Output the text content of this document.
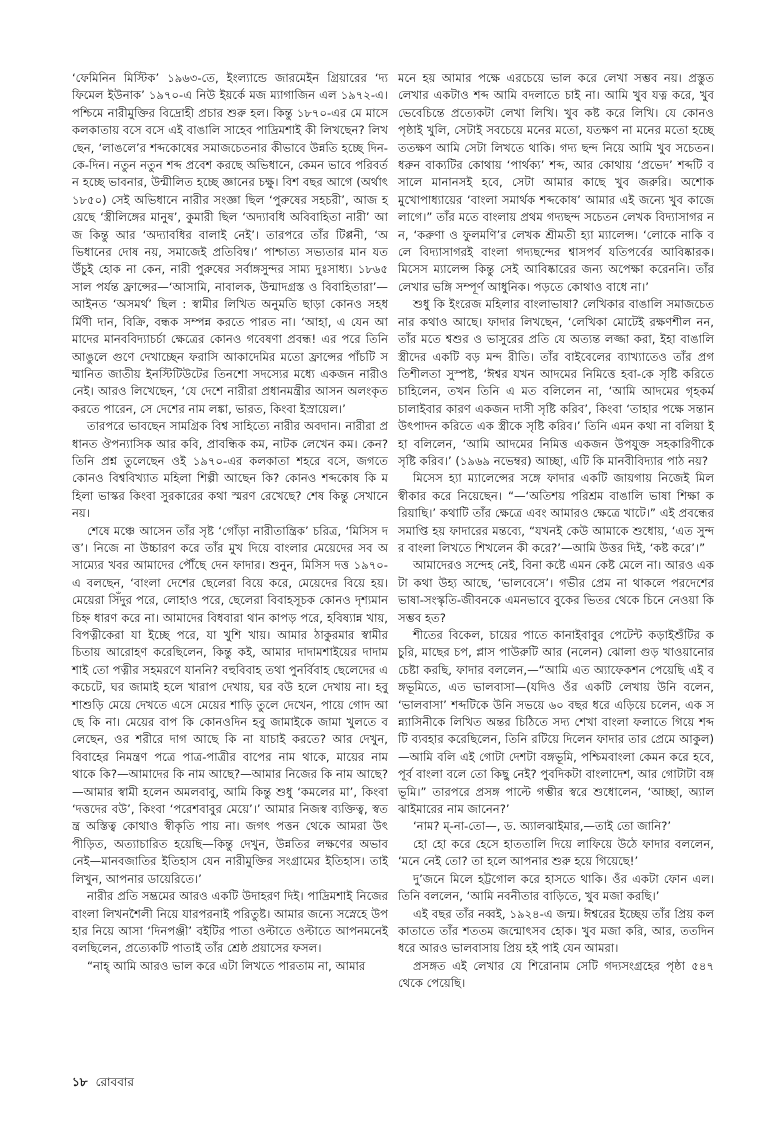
‘ফেমিনিন মিস্টিক’ ১৯৬৩-তে, ইংল্যান্ডে জারমেইন গ্রিয়ারের ‘দ্য ফিমেল ইউনাক’ ১৯৭০-এ নিউ ইয়র্কে মজ ম্যাগাজিন এল ১৯৭২-এ। পশ্চিমে নারীমুক্তির বিদ্রোহী প্রচার শুরু হল। কিন্তু ১৮৭০-এর মে মাসে কলকাতায় বসে বসে এই বাঙালি সাহেব পাদ্রিমশাই কী লিখছেন? লিখছেন, ‘লাঙলে’র শব্দকোষের সমাজচেতনার কীভাবে উন্নতি হচ্ছে দিন-কে-দিন। নতুন নতুন শব্দ প্রবেশ করছে অভিধানে, কেমন ভাবে পরিবর্তন হচ্ছে ভাবনার, উন্মীলিত হচ্ছে জ্ঞানের চক্ষু। বিশ বছর আগে (অর্থাৎ ১৮৫০) সেই অভিধানে নারীর সংজ্ঞা ছিল ‘পুরুষের সহচরী’, আজ হয়েছে ‘স্ত্রীলিঙ্গের মানুষ’, কুমারী ছিল ‘অদ্যাবধি অবিবাহিতা নারী’ আজ কিন্তু আর ‘অদ্যাবধির বালাই নেই’। তারপরে তাঁর টিপ্পনী, ‘অভিধানের দোষ নয়, সমাজেই প্রতিবিম্ব।’ পাশ্চাত্য সভ্যতার মান যত উঁচুই হোক না কেন, নারী পুরুষের সর্বাঙ্গসুন্দর সাম্য দুঃসাধ্য। ১৮৬৫ সাল পর্যন্ত ফ্রান্সের—‘আসামি, নাবালক, উন্মাদগ্রস্ত ও বিবাহিতারা’—আইনত ‘অসমর্থ’ ছিল : স্বামীর লিখিত অনুমতি ছাড়া কোনও সহধর্মিণী দান, বিক্রি, বন্ধক সম্পন্ন করতে পারত না। ‘আহা, এ যেন আমাদের মানববিদ্যাচর্চা ক্ষেত্রের কোনও গবেষণা প্রবন্ধ! এর পরে তিনি আঙুলে গুণে দেখাচ্ছেন ফরাসি আকাদেমির মতো ফ্রান্সের পাঁচটি সম্মানিত জাতীয় ইনস্টিটিউটের তিনশো সদস্যের মধ্যে একজন নারীও নেই। আরও লিখেছেন, ‘যে দেশে নারীরা প্রধানমন্ত্রীর আসন অলংকৃত করতে পারেন, সে দেশের নাম লঙ্কা, ভারত, কিংবা ইস্রায়েল।’

তারপরে ভাবছেন সামগ্রিক বিশ্ব সাহিত্যে নারীর অবদান। নারীরা প্রধানত ঔপন্যাসিক আর কবি, প্রাবন্ধিক কম, নাটক লেখেন কম। কেন? তিনি প্রশ্ন তুলেছেন ওই ১৯৭০-এর কলকাতা শহরে বসে, জগতে কোনও বিশ্ববিখ্যাত মহিলা শিল্পী আছেন কি? কোনও শব্দকোষ কি মহিলা ভাস্কর কিংবা সুরকারের কথা স্মরণ রেখেছে? শেষ কিন্তু সেখানে নয়।

শেষে মঞ্চে আসেন তাঁর সৃষ্ট ‘গোঁড়া নারীতান্ত্রিক’ চরিত্র, ‘মিসিস দত্ত’। নিজে না উচ্চারণ করে তাঁর মুখ দিয়ে বাংলার মেয়েদের সব অসাম্যের খবর আমাদের পৌঁছে দেন ফাদার। শুনুন, মিসিস দত্ত ১৯৭০-এ বলছেন, ‘বাংলা দেশের ছেলেরা বিয়ে করে, মেয়েদের বিয়ে হয়। মেয়েরা সিঁদুর পরে, লোহাও পরে, ছেলেরা বিবাহসূচক কোনও দৃশ্যমান চিহ্ন ধারণ করে না। আমাদের বিধবারা থান কাপড় পরে, হবিষ্যান্ন খায়, বিপত্নীকেরা যা ইচ্ছে পরে, যা খুশি খায়। আমার ঠাকুরমার স্বামীর চিতায় আরোহণ করেছিলেন, কিন্তু কই, আমার দাদামশাইয়ের দাদামশাই তো পত্নীর সহমরণে যাননি? বহুবিবাহ তথা পুনর্বিবাহ ছেলেদের একচেটে, ঘর জামাই হলে খারাপ দেখায়, ঘর বউ হলে দেখায় না। হবু শাশুড়ি মেয়ে দেখতে এসে মেয়ের শাড়ি তুলে দেখেন, পায়ে গোদ আছে কি না। মেয়ের বাপ কি কোনওদিন হবু জামাইকে জামা খুলতে বলেছেন, ওর শরীরে দাগ আছে কি না যাচাই করতে? আর দেখুন, বিবাহের নিমন্ত্রণ পত্রে পাত্র-পাত্রীর বাপের নাম থাকে, মায়ের নাম থাকে কি?—আমাদের কি নাম আছে?—আমার নিজের কি নাম আছে?—আমার স্বামী হলেন অমলবাবু, আমি কিন্তু শুধু ‘কমলের মা’, কিংবা ‘দত্তদের বউ’, কিংবা ‘পরেশবাবুর মেয়ে’।’ আমার নিজস্ব ব্যক্তিত্ব, স্বতন্ত্র অস্তিত্ব কোথাও স্বীকৃতি পায় না। জগৎ পত্তন থেকে আমরা উৎপীড়িত, অত্যাচারিত হয়েছি—কিন্তু দেখুন, উন্নতির লক্ষণের অভাব নেই—মানবজাতির ইতিহাস যেন নারীমুক্তির সংগ্রামের ইতিহাস। তাই লিখুন, আপনার ডায়েরিতে।’

নারীর প্রতি সম্ভ্রমের আরও একটি উদাহরণ দিই। পাদ্রিমশাই নিজের বাংলা লিখনশৈলী নিয়ে যারপরনাই পরিতুষ্ট। আমার জন্যে সস্নেহে উপহার নিয়ে আসা ‘দিনপঞ্জী’ বইটির পাতা ওল্টাতে ওল্টাতে আপনমনেই বলছিলেন, প্রত্যেকটি পাতাই তাঁর শ্রেষ্ঠ প্রয়াসের ফসল।

“নাহ্ আমি আরও ভাল করে এটা লিখতে পারতাম না, আমার

মনে হয় আমার পক্ষে এরচেয়ে ভাল করে লেখা সম্ভব নয়। প্রস্তুত লেখার একটাও শব্দ আমি বদলাতে চাই না। আমি খুব যত্ন করে, খুব ভেবেচিন্তে প্রত্যেকটা লেখা লিখি। খুব কষ্ট করে লিখি। যে কোনও পৃষ্ঠাই খুলি, সেটাই সবচেয়ে মনের মতো, যতক্ষণ না মনের মতো হচ্ছে ততক্ষণ আমি সেটা লিখতে থাকি। গদ্য ছন্দ নিয়ে আমি খুব সচেতন। ধরুন বাক্যটির কোথায় ‘পার্থক্য’ শব্দ, আর কোথায় ‘প্রভেদ’ শব্দটি বসালে মানানসই হবে, সেটা আমার কাছে খুব জরুরি। অশোক মুখোপাধ্যায়ের ‘বাংলা সমার্থক শব্দকোষ’ আমার এই জন্যে খুব কাজে লাগে।” তাঁর মতে বাংলায় প্রথম গদ্যছন্দ সচেতন লেখক বিদ্যাসাগর নন, ‘করুণা ও ফুলমণি’র লেখক শ্রীমতী হ্যা ম্যালেন্স। ‘লোকে নাকি বলে বিদ্যাসাগরই বাংলা গদ্যছন্দের শ্বাসপর্ব যতিপর্বের আবিষ্কারক। মিসেস ম্যালেন্স কিন্তু সেই আবিষ্কারের জন্য অপেক্ষা করেননি। তাঁর লেখার ভঙ্গি সম্পূর্ণ আধুনিক। পড়তে কোথাও বাধে না।’

শুধু কি ইংরেজ মহিলার বাংলাভাষা? লেখিকার বাঙালি সমাজচেতনার কথাও আছে। ফাদার লিখছেন, ‘লেখিকা মোটেই রক্ষণশীল নন, তাঁর মতে শ্বশুর ও ভাসুরের প্রতি যে অত্যন্ত লজ্জা করা, ইহা বাঙালি স্ত্রীদের একটি বড় মন্দ রীতি। তাঁর বাইবেলের ব্যাখ্যাতেও তাঁর প্রগতিশীলতা সুস্পষ্ট, ‘ঈশ্বর যখন আদমের নিমিত্তে হবা-কে সৃষ্টি করিতে চাহিলেন, তখন তিনি এ মত বলিলেন না, ‘আমি আদমের গৃহকর্ম চালাইবার কারণ একজন দাসী সৃষ্টি করিব’, কিংবা ‘তাহার পক্ষে সন্তান উৎপাদন করিতে এক স্ত্রীকে সৃষ্টি করিব।’ তিনি এমন কথা না বলিয়া ইহা বলিলেন, ‘আমি আদমের নিমিত্ত একজন উপযুক্ত সহকারিণীকে সৃষ্টি করিব।’ (১৯৬৯ নভেম্বর) আচ্ছা, এটি কি মানবীবিদ্যার পাঠ নয়?

মিসেস হ্যা ম্যালেন্সের সঙ্গে ফাদার একটি জায়গায় নিজেই মিল স্বীকার করে নিয়েছেন। “—‘অতিশয় পরিশ্রম বাঙালি ভাষা শিক্ষা করিয়াছি।’ কথাটি তাঁর ক্ষেত্রে এবং আমারও ক্ষেত্রে খাটে।” এই প্রবন্ধের সমাপ্তি হয় ফাদারের মন্তব্যে, “যখনই কেউ আমাকে শুধোয়, ‘এত সুন্দর বাংলা লিখতে শিখলেন কী করে?’—আমি উত্তর দিই, ‘কষ্ট করে’।”

আমাদেরও সন্দেহ নেই, বিনা কষ্টে এমন কেষ্ট মেলে না। আরও একটা কথা উহ্য আছে, ‘ভালবেসে’। গভীর প্রেম না থাকলে পরদেশের ভাষা-সংস্কৃতি-জীবনকে এমনভাবে বুকের ভিতর থেকে চিনে নেওয়া কি সম্ভব হত?

শীতের বিকেল, চায়ের পাতে কানাইবাবুর পেটেন্ট কড়াইশুঁটির কচুরি, মাছের চপ, প্লাস পাউরুটি আর (নলেন) ঝোলা গুড় খাওয়ানোর চেষ্টা করছি, ফাদার বললেন,—“আমি এত অ্যাফেকশন পেয়েছি এই বঙ্গভূমিতে, এত ভালবাসা—(যদিও ওঁর একটি লেখায় উনি বলেন, ‘ভালবাসা’ শব্দটিকে উনি সভয়ে ৬০ বছর ধরে এড়িয়ে চলেন, এক সন্ন্যাসিনীকে লিখিত অন্তর চিঠিতে সদ্য শেখা বাংলা ফলাতে গিয়ে শব্দটি ব্যবহার করেছিলেন, তিনি রটিয়ে দিলেন ফাদার তার প্রেমে আকুল)—আমি বলি এই গোটা দেশটা বঙ্গভূমি, পশ্চিমবাংলা কেমন করে হবে, পূর্ব বাংলা বলে তো কিছু নেই? পুবদিকটা বাংলাদেশ, আর গোটাটা বঙ্গভূমি।” তারপরে প্রসঙ্গ পাল্টে গম্ভীর স্বরে শুধোলেন, ‘আচ্ছা, অ্যালঝাইমারের নাম জানেন?’

‘নাম? ম্-না-তো—, ড. অ্যালঝাইমার,—তাই তো জানি?’

হো হো করে হেসে হাততালি দিয়ে লাফিয়ে উঠে ফাদার বললেন, ‘মনে নেই তো? তা হলে আপনার শুরু হয়ে গিয়েছে!’

দু’জনে মিলে হট্টগোল করে হাসতে থাকি। ওঁর একটা ফোন এল। তিনি বললেন, ‘আমি নবনীতার বাড়িতে, খুব মজা করছি।’

এই বছর তাঁর নব্বই, ১৯২৪-এ জন্ম। ঈশ্বরের ইচ্ছেয় তাঁর প্রিয় কলকাতাতে তাঁর শততম জন্মোৎসব হোক। খুব মজা করি, আর, ততদিন ধরে আরও ভালবাসায় প্রিয় হই পাই যেন আমরা।

প্রসঙ্গত এই লেখার যে শিরোনাম সেটি গদ্যসংগ্রহের পৃষ্ঠা ৫৪৭ থেকে পেয়েছি।

১৮ রোববার
